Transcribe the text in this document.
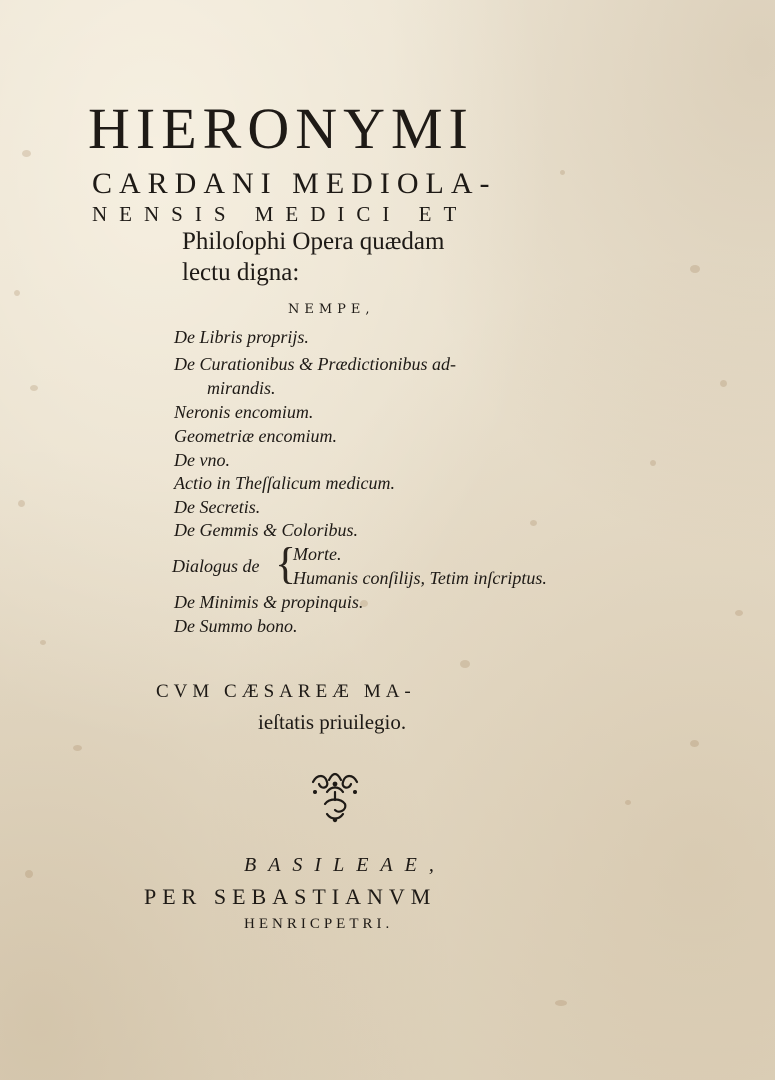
HIERONYMI
CARDANI MEDIOLA-
NENSIS MEDICI ET
Philoſophi Opera quædam
lectu digna:
NEMPE,
De Libris proprijs.
De Curationibus & Prædictionibus ad-
mirandis.
Neronis encomium.
Geometriæ encomium.
De vno.
Actio in Theſſalicum medicum.
De Secretis.
De Gemmis & Coloribus.
Dialogus de {
Morte.
Humanis conſilijs, Tetim inſcriptus.
De Minimis & propinquis.
De Summo bono.
CVM CÆSAREÆ MA-
ieſtatis priuilegio.
BASILEAE,
PER SEBASTIANVM
HENRICPETRI.
